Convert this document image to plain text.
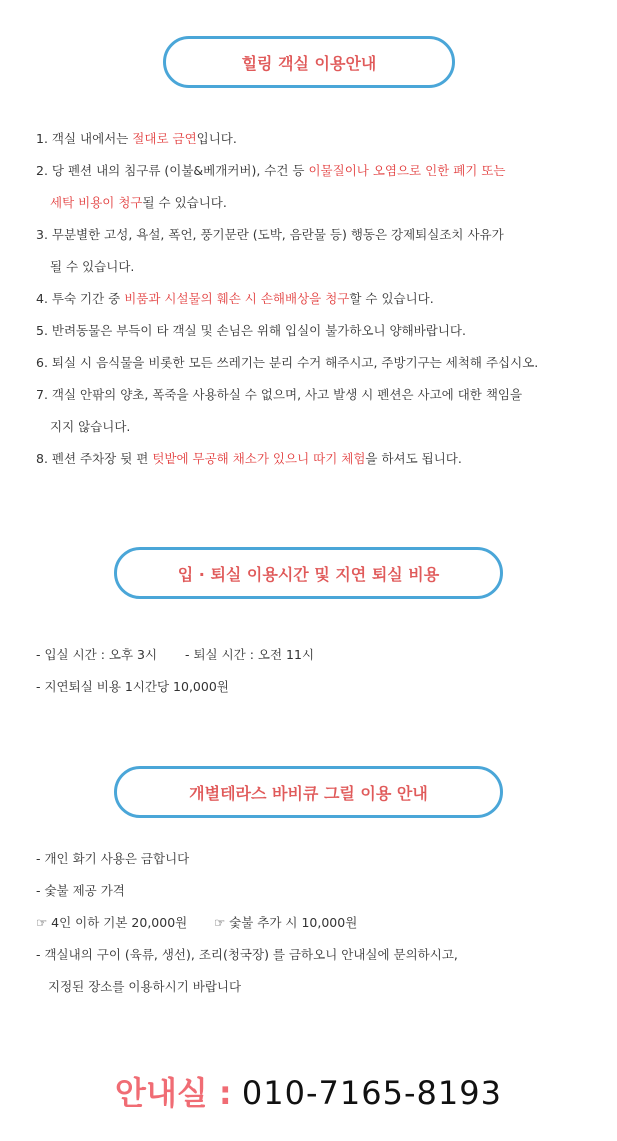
힐링 객실 이용안내
1. 객실 내에서는 절대로 금연입니다.
2. 당 펜션 내의 침구류 (이불&베개커버), 수건 등 이물질이나 오염으로 인한 폐기 또는
세탁 비용이 청구될 수 있습니다.
3. 무분별한 고성, 욕설, 폭언, 풍기문란 (도박, 음란물 등) 행동은 강제퇴실조치 사유가
될 수 있습니다.
4. 투숙 기간 중 비품과 시설물의 훼손 시 손해배상을 청구할 수 있습니다.
5. 반려동물은 부득이 타 객실 및 손님은 위해 입실이 불가하오니 양해바랍니다.
6. 퇴실 시 음식물을 비롯한 모든 쓰레기는 분리 수거 해주시고, 주방기구는 세척해 주십시오.
7. 객실 안팎의 양초, 폭죽을 사용하실 수 없으며, 사고 발생 시 펜션은 사고에 대한 책임을
지지 않습니다.
8. 펜션 주차장 뒷 편 텃밭에 무공해 채소가 있으니 따기 체험을 하셔도 됩니다.
입 · 퇴실 이용시간 및 지연 퇴실 비용
- 입실 시간 : 오후 3시 - 퇴실 시간 : 오전 11시
- 지연퇴실 비용 1시간당 10,000원
개별테라스 바비큐 그릴 이용 안내
- 개인 화기 사용은 금합니다
- 숯불 제공 가격
☞ 4인 이하 기본 20,000원 ☞ 숯불 추가 시 10,000원
- 객실내의 구이 (육류, 생선), 조리(청국장) 를 금하오니 안내실에 문의하시고,
지정된 장소를 이용하시기 바랍니다
안내실 : 010-7165-8193
